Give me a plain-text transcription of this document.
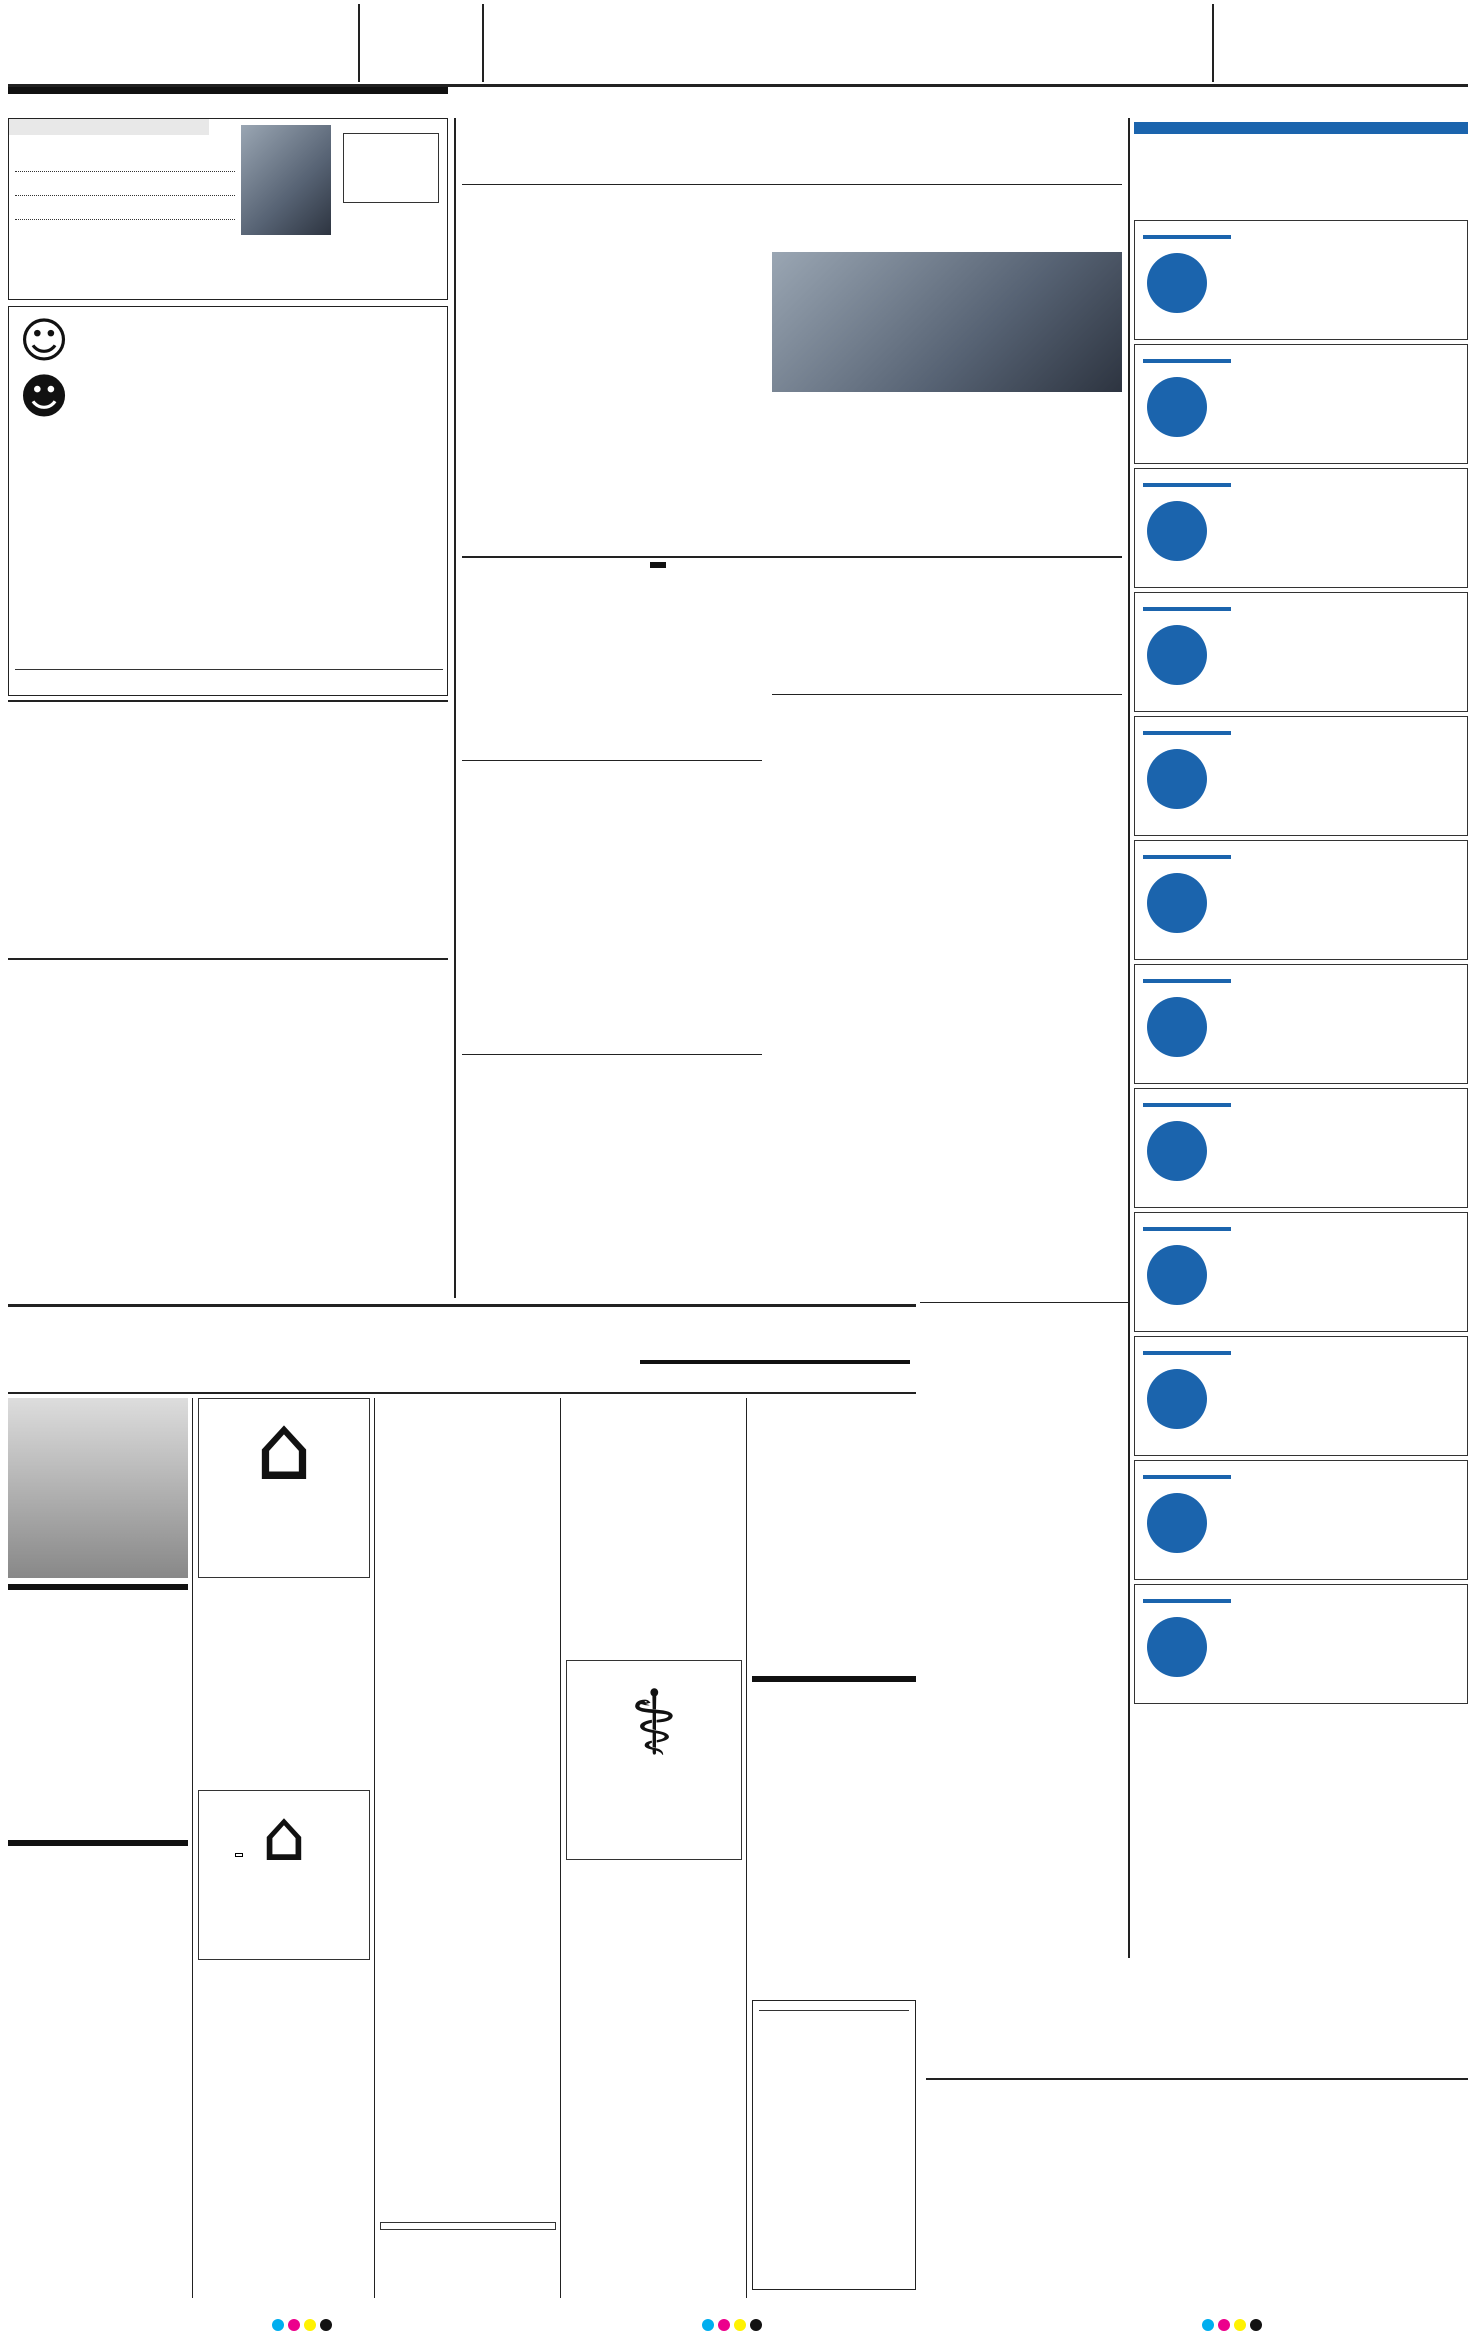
☺☻
⌂
⌂
⚕
